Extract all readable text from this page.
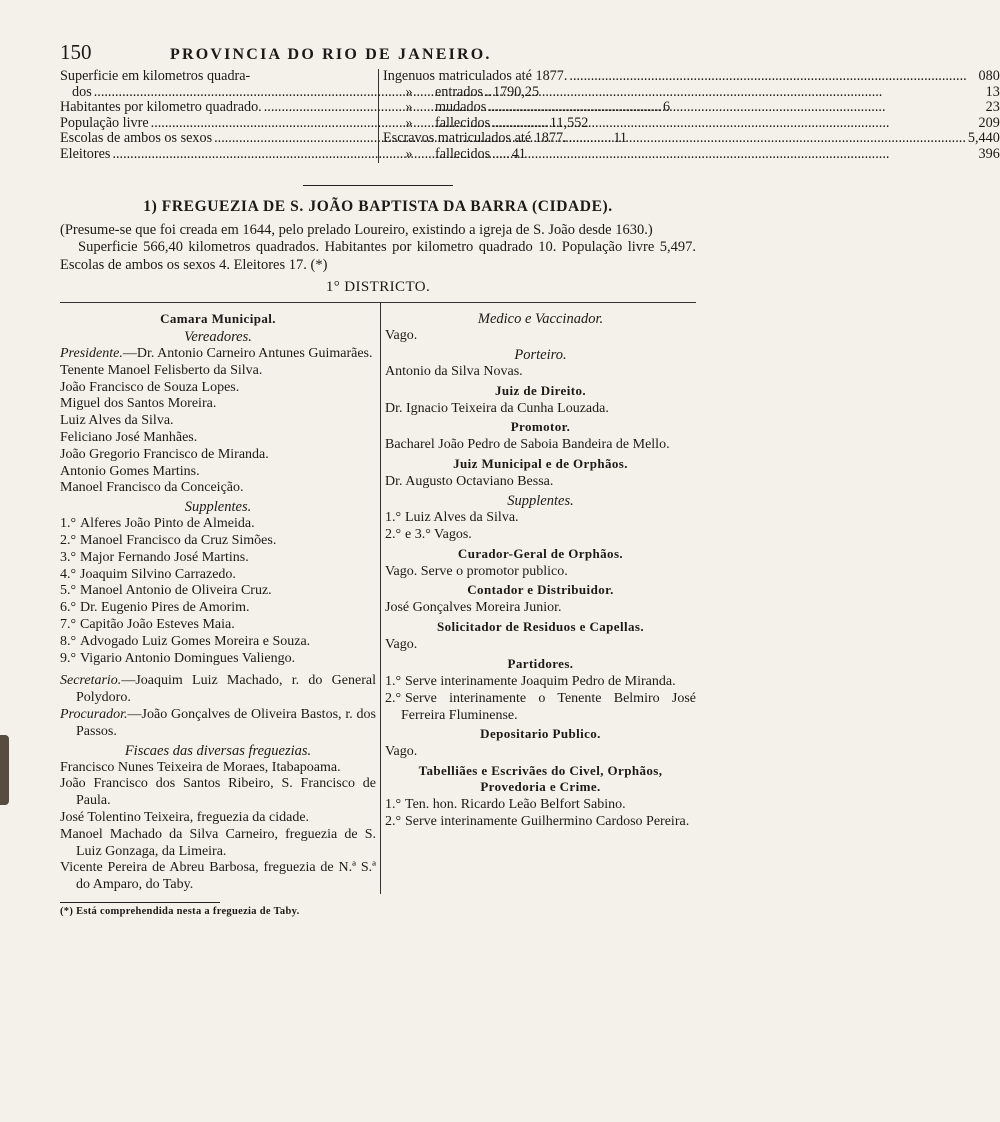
150	PROVINCIA DO RIO DE JANEIRO.
Superficie em kilometros quadra-
dos .....	1790,25
Habitantes por kilometro quadrado. .....	6
População livre .....	11,552
Escolas de ambos os sexos .....	11
Eleitores .....	41
Ingenuos
matriculados até 1877. .....	080
»	entrados .....	13
»	mudados .....	23
»	fallecidos .....	209
Escravos
matriculados até 1877. .....	5,440
»	fallecidos .....	396
1) FREGUEZIA DE S. JOÃO BAPTISTA DA BARRA (CIDADE).
(Presume-se que foi creada em 1644, pelo prelado Loureiro, existindo a igreja de S. João desde 1630.)
Superficie 566,40 kilometros quadrados. Habitantes por kilometro quadrado 10. População livre 5,497. Escolas de ambos os sexos 4. Eleitores 17. (*)
1° DISTRICTO.
Camara Municipal.
Vereadores.
Presidente.—Dr. Antonio Carneiro Antunes Guimarães.
Tenente Manoel Felisberto da Silva.
João Francisco de Souza Lopes.
Miguel dos Santos Moreira.
Luiz Alves da Silva.
Feliciano José Manhães.
João Gregorio Francisco de Miranda.
Antonio Gomes Martins.
Manoel Francisco da Conceição.
Supplentes.
1.° Alferes João Pinto de Almeida.
2.° Manoel Francisco da Cruz Simões.
3.° Major Fernando José Martins.
4.° Joaquim Silvino Carrazedo.
5.° Manoel Antonio de Oliveira Cruz.
6.° Dr. Eugenio Pires de Amorim.
7.° Capitão João Esteves Maia.
8.° Advogado Luiz Gomes Moreira e Souza.
9.° Vigario Antonio Domingues Valiengo.
Secretario.—Joaquim Luiz Machado, r. do General Polydoro.
Procurador.—João Gonçalves de Oliveira Bastos, r. dos Passos.
Fiscaes das diversas freguezias.
Francisco Nunes Teixeira de Moraes, Itabapoama.
João Francisco dos Santos Ribeiro, S. Francisco de Paula.
José Tolentino Teixeira, freguezia da cidade.
Manoel Machado da Silva Carneiro, freguezia de S. Luiz Gonzaga, da Limeira.
Vicente Pereira de Abreu Barbosa, freguezia de N.ª S.ª do Amparo, do Taby.
Medico e Vaccinador.
Vago.
Porteiro.
Antonio da Silva Novas.
Juiz de Direito.
Dr. Ignacio Teixeira da Cunha Louzada.
Promotor.
Bacharel João Pedro de Saboia Bandeira de Mello.
Juiz Municipal e de Orphãos.
Dr. Augusto Octaviano Bessa.
Supplentes.
1.° Luiz Alves da Silva.
2.° e 3.° Vagos.
Curador-Geral de Orphãos.
Vago. Serve o promotor publico.
Contador e Distribuidor.
José Gonçalves Moreira Junior.
Solicitador de Residuos e Capellas.
Vago.
Partidores.
1.° Serve interinamente Joaquim Pedro de Miranda.
2.° Serve interinamente o Tenente Belmiro José Ferreira Fluminense.
Depositario Publico.
Vago.
Tabelliães e Escrivães do Civel, Orphãos, Provedoria e Crime.
1.° Ten. hon. Ricardo Leão Belfort Sabino.
2.° Serve interinamente Guilhermino Cardoso Pereira.
(*) Está comprehendida nesta a freguezia de Taby.
